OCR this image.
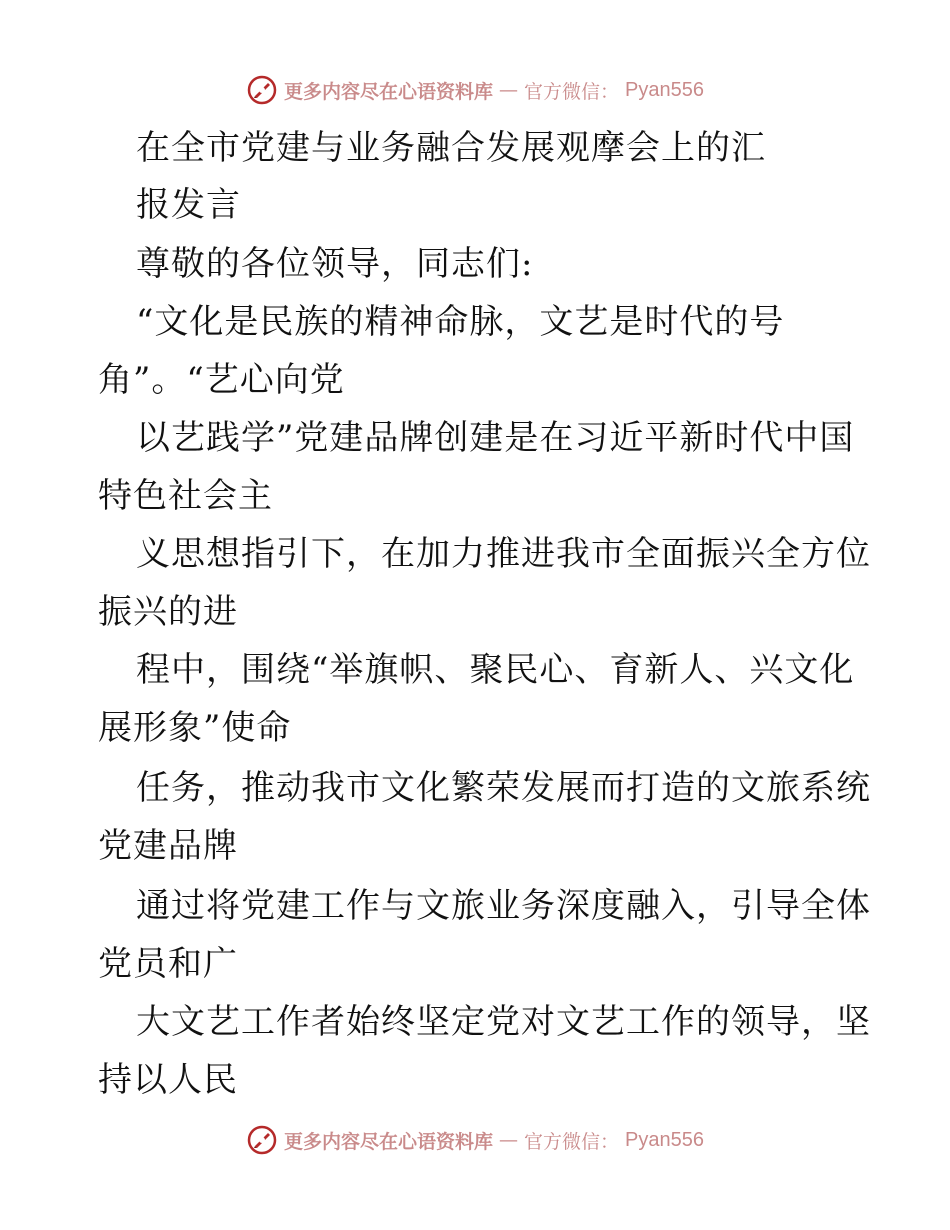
更多内容尽在心语资料库 — 官方微信： Pyan556
在全市党建与业务融合发展观摩会上的汇
报发言
尊敬的各位领导，同志们:
“文化是民族的精神命脉，文艺是时代的号
角”。“艺心向党
以艺践学”党建品牌创建是在习近平新时代中国
特色社会主
义思想指引下，在加力推进我市全面振兴全方位
振兴的进
程中，围绕“举旗帜、聚民心、育新人、兴文化
展形象”使命
任务，推动我市文化繁荣发展而打造的文旅系统
党建品牌
通过将党建工作与文旅业务深度融入，引导全体
党员和广
大文艺工作者始终坚定党对文艺工作的领导，坚
持以人民
更多内容尽在心语资料库 — 官方微信： Pyan556
